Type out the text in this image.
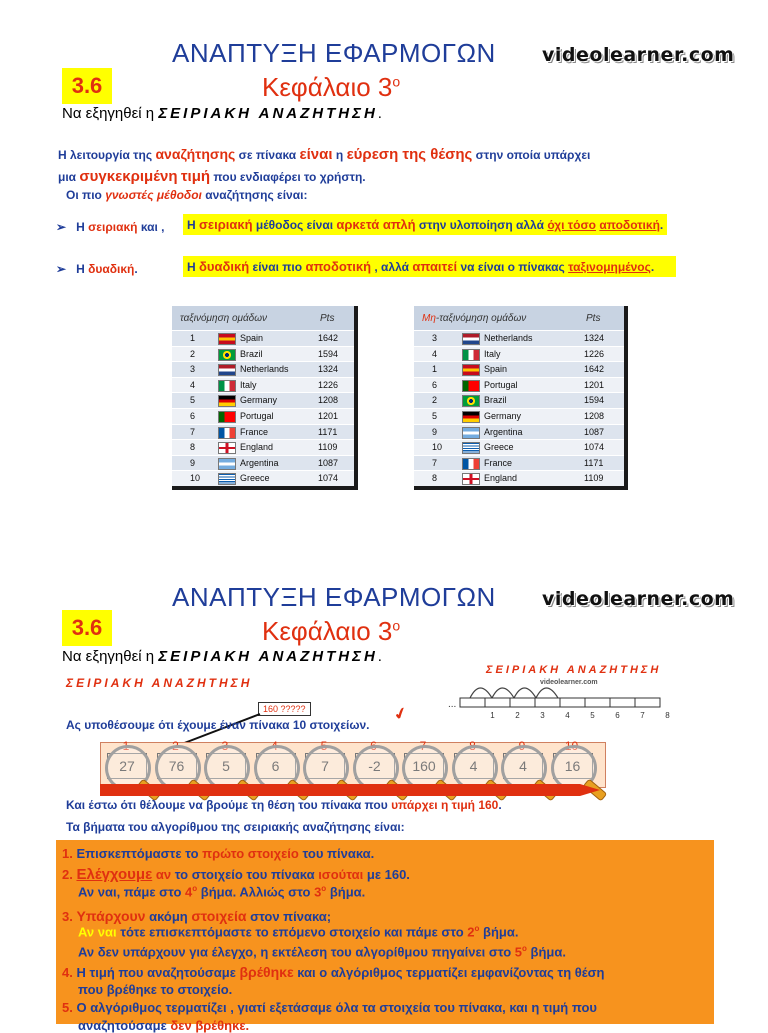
ΑΝΑΠΤΥΞΗ ΕΦΑΡΜΟΓΩΝ videolearner.com
3.6	Κεφάλαιο $3^o$
Να εξηγηθεί η ΣΕΙΡΙΑΚΗ ΑΝΑΖΗΤΗΣΗ.
Η λειτουργία της αναζήτησης σε πίνακα είναι η εύρεση της θέσης στην οποία υπάρχει
μια συγκεκριμένη τιμή που ενδιαφέρει το χρήστη.
Οι πιο γνωστές μέθοδοι αναζήτησης είναι:
➢ Η σειριακή και ,	Η σειριακή μέθοδος είναι αρκετά απλή στην υλοποίηση αλλά όχι τόσο αποδοτική.
➢ Η δυαδική.	Η δυαδική είναι πιο αποδοτική , αλλά απαιτεί να είναι ο πίνακας ταξινομημένος.
ταξινόμηση ομάδων	Pts
1	Spain	1642
2	Brazil	1594
3	Netherlands	1324
4	Italy	1226
5	Germany	1208
6	Portugal	1201
7	France	1171
8	England	1109
9	Argentina	1087
10	Greece	1074
Μη-ταξινόμηση ομάδων	Pts
3	Netherlands	1324
4	Italy	1226
1	Spain	1642
6	Portugal	1201
2	Brazil	1594
5	Germany	1208
9	Argentina	1087
10	Greece	1074
7	France	1171
8	England	1109
ΑΝΑΠΤΥΞΗ ΕΦΑΡΜΟΓΩΝ videolearner.com
3.6	Κεφάλαιο $3^o$
Να εξηγηθεί η ΣΕΙΡΙΑΚΗ ΑΝΑΖΗΤΗΣΗ.
ΣΕΙΡΙΑΚΗ ΑΝΑΖΗΤΗΣΗ
ΣΕΙΡΙΑΚΗ ΑΝΑΖΗΤΗΣΗ
videolearner.com
1	2	3	4	5	6	7	8
...
160 ?????	✔
Ας υποθέσουμε ότι έχουμε έναν πίνακα 10 στοιχείων.
1
27
2
76
3
5
4
6
5
7
6
-2
7
160
8
4
9
4
10
16
Και έστω ότι θέλουμε να βρούμε τη θέση του πίνακα που υπάρχει η τιμή 160.
Τα βήματα του αλγορίθμου της σειριακής αναζήτησης είναι:
1. Επισκεπτόμαστε το πρώτο στοιχείο του πίνακα.
2. Ελέγχουμε αν το στοιχείο του πίνακα ισούται με 160.
Αν ναι, πάμε στο $4^o$ βήμα. Αλλιώς στο $3^o$ βήμα.
3. Υπάρχουν ακόμη στοιχεία στον πίνακα;
Αν ναι τότε επισκεπτόμαστε το επόμενο στοιχείο και πάμε στο $2^o$ βήμα.
Αν δεν υπάρχουν για έλεγχο, η εκτέλεση του αλγορίθμου πηγαίνει στο $5^o$ βήμα.
4. Η τιμή που αναζητούσαμε βρέθηκε και ο αλγόριθμος τερματίζει εμφανίζοντας τη θέση
που βρέθηκε το στοιχείο.
5. Ο αλγόριθμος τερματίζει , γιατί εξετάσαμε όλα τα στοιχεία του πίνακα, και η τιμή που
αναζητούσαμε δεν βρέθηκε.
